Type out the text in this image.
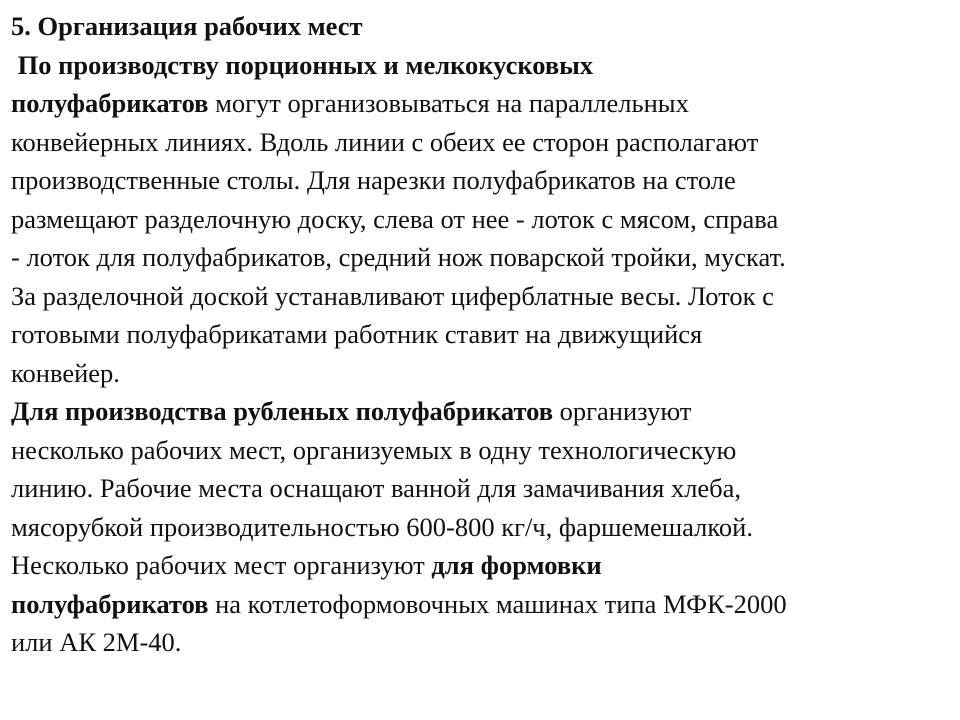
5. Организация рабочих мест
По производству порционных и мелкокусковых
полуфабрикатов могут организовываться на параллельных
конвейерных линиях. Вдоль линии с обеих ее сторон располагают
производственные столы. Для нарезки полуфабрикатов на столе
размещают разделочную доску, слева от нее - лоток с мясом, справа
- лоток для полуфабрикатов, средний нож поварской тройки, мускат.
За разделочной доской устанавливают циферблатные весы. Лоток с
готовыми полуфабрикатами работник ставит на движущийся
конвейер.
Для производства рубленых полуфабрикатов организуют
несколько рабочих мест, организуемых в одну технологическую
линию. Рабочие места оснащают ванной для замачивания хлеба,
мясорубкой производительностью 600-800 кг/ч, фаршемешалкой.
Несколько рабочих мест организуют для формовки
полуфабрикатов на котлетоформовочных машинах типа МФК-2000
или АК 2М-40.
